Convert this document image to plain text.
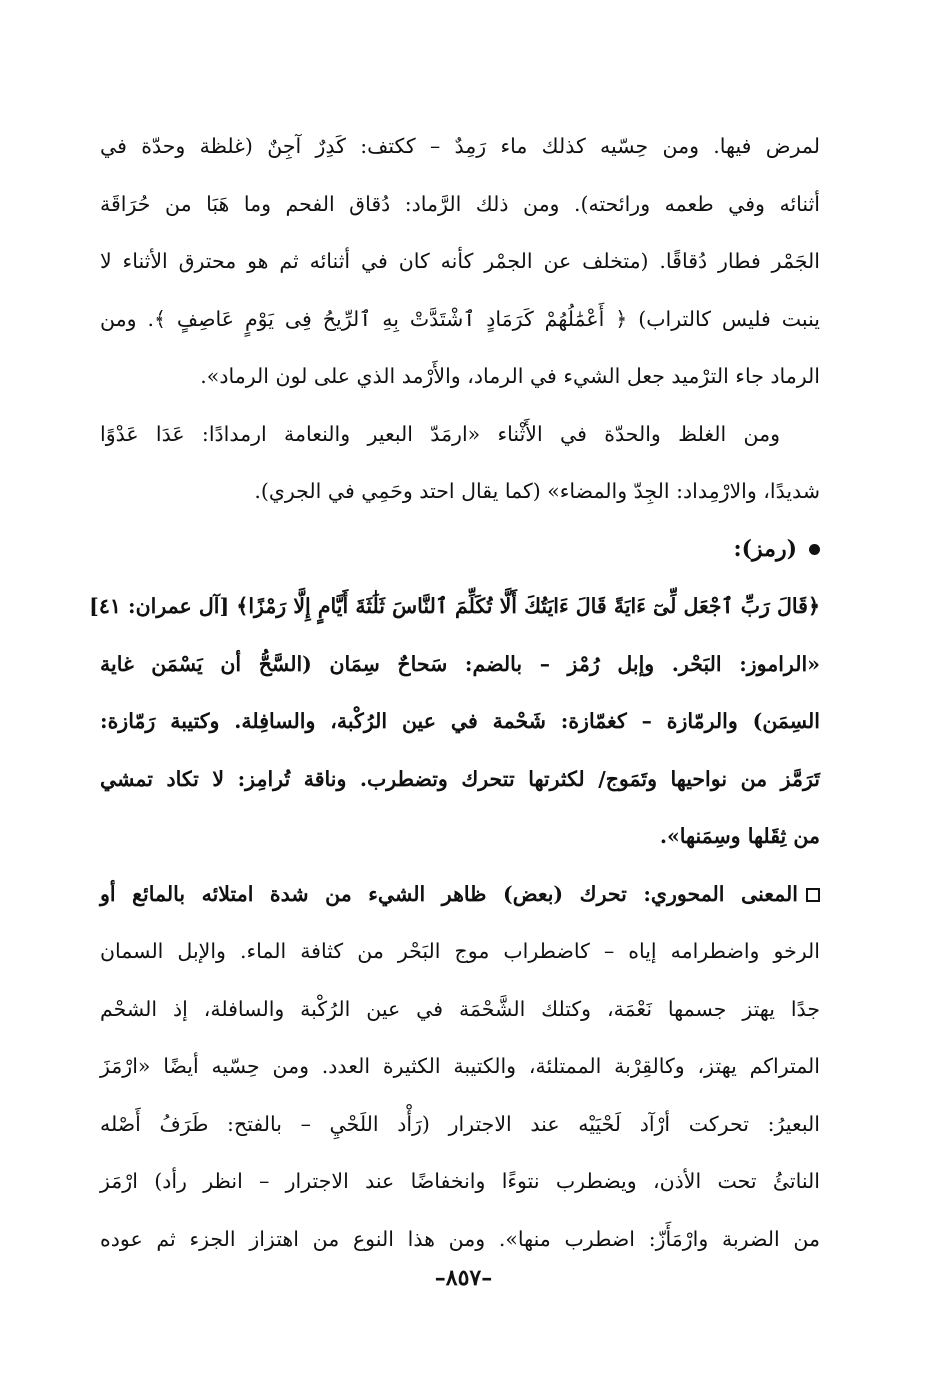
لمرض فيها. ومن حِسّيه كذلك ماء رَمِدٌ – ككتف: كَدِرٌ آجِنٌ (غلظة وحدّة في
أثنائه وفي طعمه ورائحته). ومن ذلك الرَّماد: دُقاق الفحم وما هَبَا من حُرَاقَة
الجَمْر فطار دُقاقًا. (متخلف عن الجمْر كأنه كان في أثنائه ثم هو محترق الأثناء لا
ينبت فليس كالتراب) ﴿ أَعْمَٰلُهُمْ كَرَمَادٍ ٱشْتَدَّتْ بِهِ ٱلرِّيحُ فِى يَوْمٍ عَاصِفٍ ﴾. ومن
الرماد جاء الترْميد جعل الشيء في الرماد، والأَرْمد الذي على لون الرماد».
ومن الغلظ والحدّة في الأَثْناء «ارمَدّ البعير والنعامة ارمدادًا: عَدَا عَدْوًا
شديدًا، والارْمِداد: الجِدّ والمضاء» (كما يقال احتد وحَمِي في الجري).
(رمز):
﴿قَالَ رَبِّ ٱجْعَل لِّىٓ ءَايَةً قَالَ ءَايَتُكَ أَلَّا تُكَلِّمَ ٱلنَّاسَ ثَلَٰثَةَ أَيَّامٍ إِلَّا رَمْزًا﴾ [آل عمران: ٤١]
«الراموز: البَحْر. وإبل رُمْز – بالضم: سَحاحٌ سِمَان (السَّحُّ أن يَسْمَن غاية
السِمَن) والرمّازة – كغمّازة: شَحْمة في عين الرُكْبة، والسافِلة. وكتيبة رَمّازة:
تَرَمَّز من نواحيها وتَمَوج/ لكثرتها تتحرك وتضطرب. وناقة تُرامِز: لا تكاد تمشي
من ثِقَلها وسِمَنها».
المعنى المحوري: تحرك (بعض) ظاهر الشيء من شدة امتلائه بالمائع أو
الرخو واضطرامه إياه – كاضطراب موج البَحْر من كثافة الماء. والإبل السمان
جدًا يهتز جسمها نَعْمَة، وكتلك الشَّحْمَة في عين الرُكْبة والسافلة، إذ الشحْم
المتراكم يهتز، وكالقِرْبة الممتلئة، والكتيبة الكثيرة العدد. ومن حِسّيه أيضًا «ارْمَزَ
البعيرُ: تحركت أرْآد لَحْيَيْه عند الاجترار (رَأْد اللَحْيِ – بالفتح: طَرَفُ أَصْله
الناتئُ تحت الأذن، ويضطرب نتوءًا وانخفاضًا عند الاجترار – انظر رأد) ارْمَز
من الضربة وارْمَأَزّ: اضطرب منها». ومن هذا النوع من اهتزاز الجزء ثم عوده
–٨٥٧–
